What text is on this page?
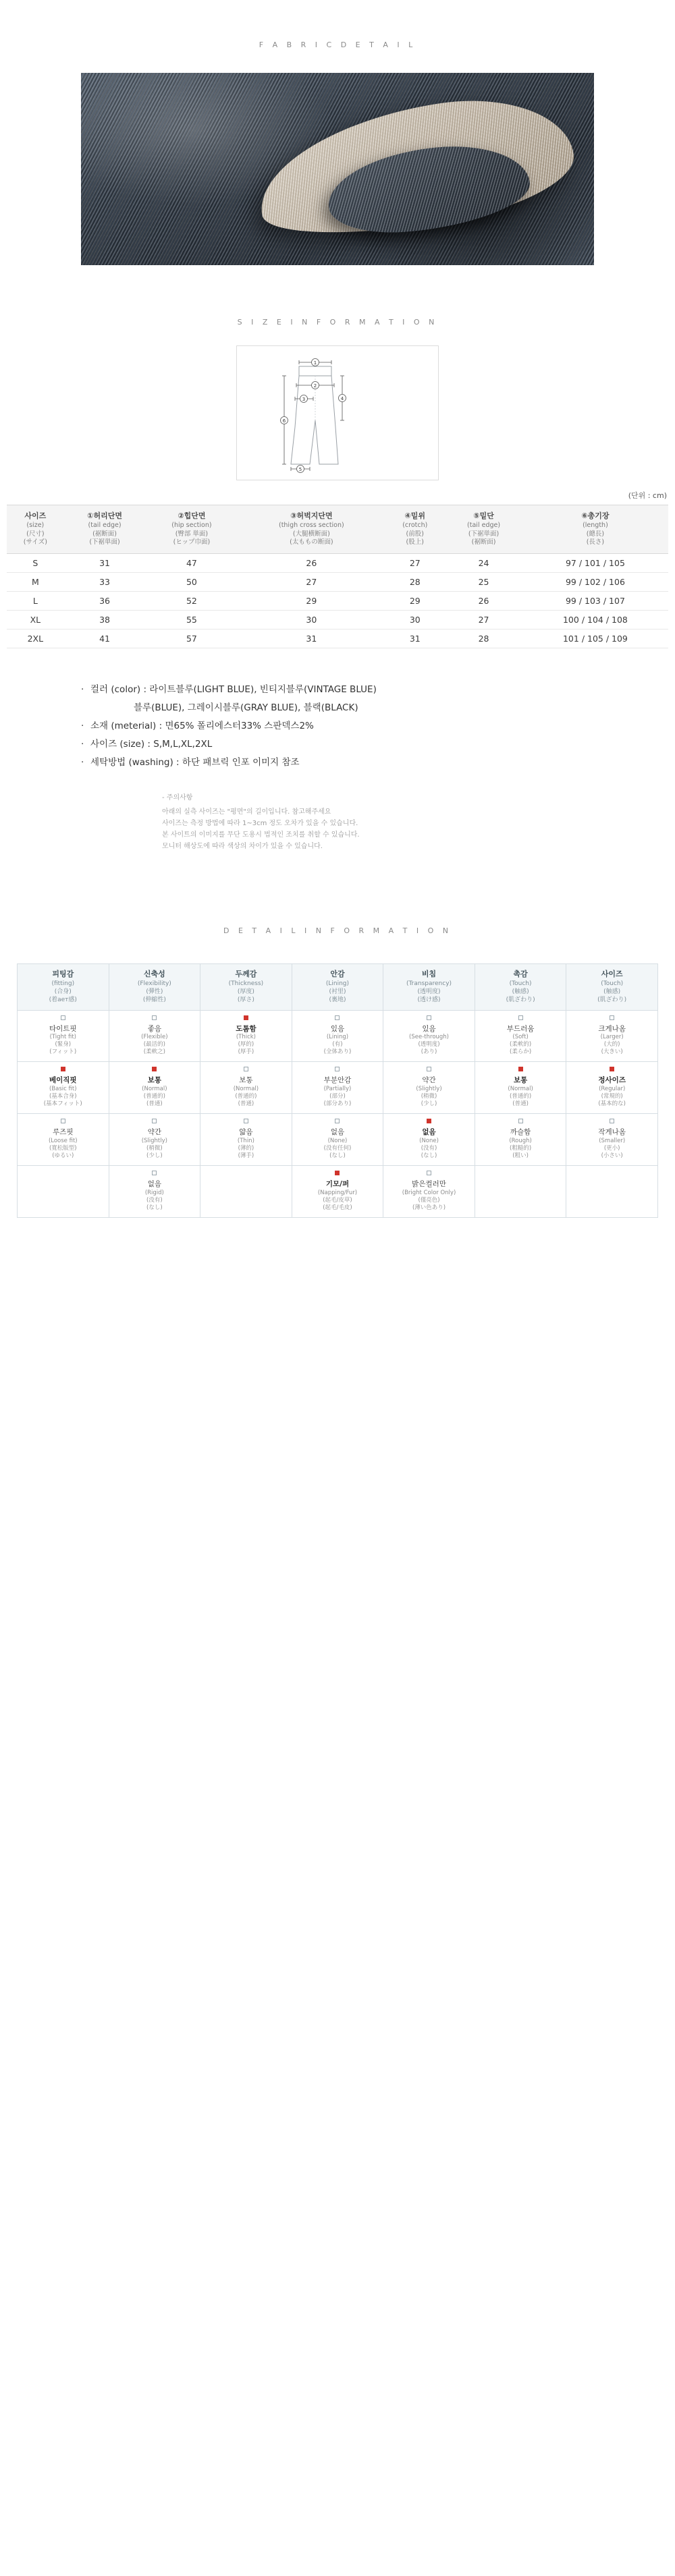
F A B R I C D E T A I L
S I Z E I N F O R M A T I O N
1
2
3	4
5
6
(단위 : cm)
사이즈
(size)
(尺寸)
(サイズ)	①허리단면
(tail edge)
(裾断面)
(下裾単面)	②힙단면
(hip section)
(臀部 単面)
(ヒップ巾面)	③허벅지단면
(thigh cross section)
(大腿横断面)
(太ももの断面)	④밑위
(crotch)
(前股)
(股上)	⑤밑단
(tail edge)
(下裾単面)
(裾断面)	⑥총기장
(length)
(總長)
(長さ)

S	31	47	26	27	24	97 / 101 / 105
M	33	50	27	28	25	99 / 102 / 106
L	36	52	29	29	26	99 / 103 / 107
XL	38	55	30	30	27	100 / 104 / 108
2XL	41	57	31	31	28	101 / 105 / 109
· 컬러 (color) : 라이트블루(LIGHT BLUE), 빈티지블루(VINTAGE BLUE)
블루(BLUE), 그레이시블루(GRAY BLUE), 블랙(BLACK)
· 소재 (meterial) : 면65% 폴리에스터33% 스판덱스2%
· 사이즈 (size) : S,M,L,XL,2XL
· 세탁방법 (washing) : 하단 패브릭 인포 이미지 참조
- 주의사항
아래의 실측 사이즈는 "평면"의 길이입니다. 참고해주세요
사이즈는 측정 방법에 따라 1~3cm 정도 오차가 있을 수 있습니다.
본 사이트의 이미지를 무단 도용시 법적인 조치를 취할 수 있습니다.
모니터 해상도에 따라 색상의 차이가 있을 수 있습니다.
D E T A I L I N F O R M A T I O N
피팅감
(fitting)
(合身)
(着ает感)	신축성
(Flexibility)
(彈性)
(伸縮性)	두께감
(Thickness)
(厚度)
(厚さ)	안감
(Lining)
(衬里)
(裏地)	비침
(Transparency)
(透明度)
(透け感)	촉감
(Touch)
(触感)
(肌ざわり)	사이즈
(Touch)
(触感)
(肌ざわり)

타이트핏
(Tight fit)
(緊身)
(フィット)	좋음
(Flexible)
(最活的)
(柔軟之)	도톰함
(Thick)
(厚的)
(厚手)	있음
(Lining)
(有)
(全体あり)	있음
(See-through)
(透明度)
(あり)	부드러움
(Soft)
(柔軟的)
(柔らか)	크게나옴
(Larger)
(大的)
(大きい)

베이직핏
(Basic fit)
(基本合身)
(基本フィット)	보통
(Normal)
(普通的)
(普通)	보통
(Normal)
(普通的)
(普通)	부분안감
(Partially)
(部分)
(部分あり)	약간
(Slightly)
(稍微)
(少し)	보통
(Normal)
(普通的)
(普通)	정사이즈
(Regular)
(常規的)
(基本的な)

루즈핏
(Loose fit)
(寬松版型)
(ゆるい)	약간
(Slightly)
(稍微)
(少し)	얇음
(Thin)
(薄的)
(薄手)	없음
(None)
(没有任何)
(なし)	없음
(None)
(没有)
(なし)	까슬함
(Rough)
(粗糙的)
(粗い)	작게나옴
(Smaller)
(更小)
(小さい)

	없음
(Rigid)
(没有)
(なし)		기모/퍼
(Napping/Fur)
(起毛/皮草)
(起毛/毛皮)	밝은컬러만
(Bright Color Only)
(僅亮色)
(薄い色あり)		
